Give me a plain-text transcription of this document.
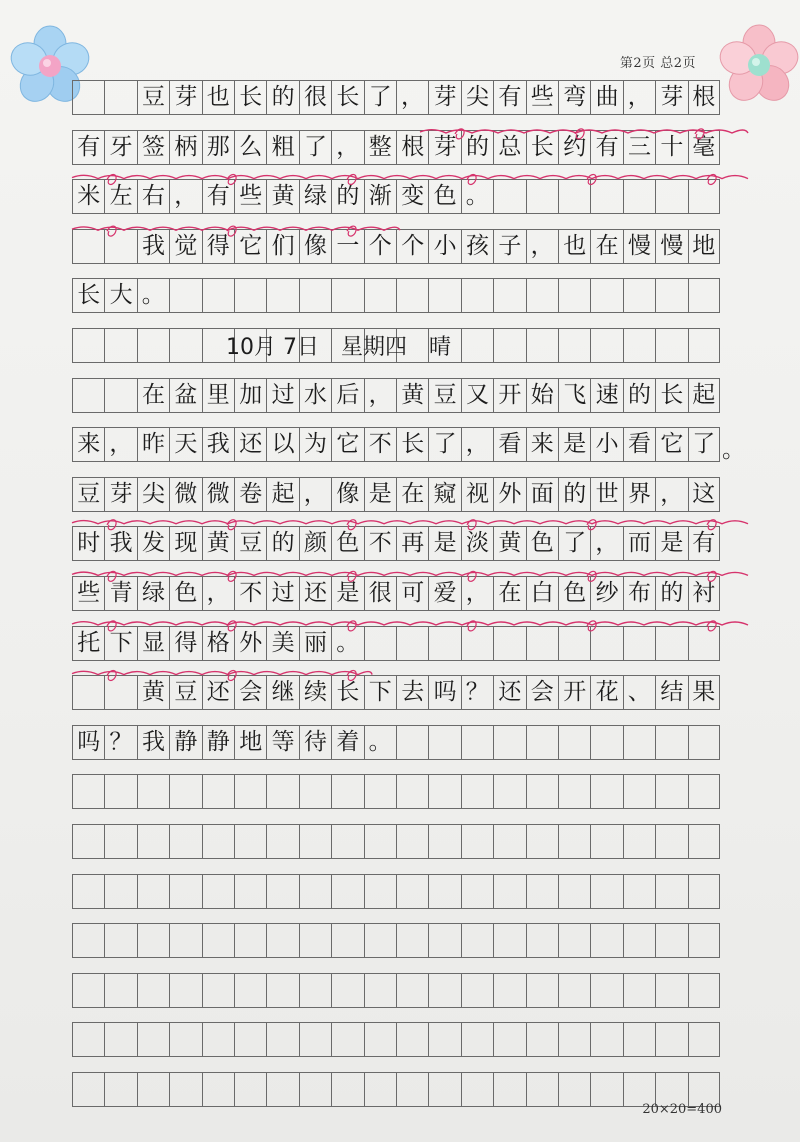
第2页 总2页
豆 芽 也 长 的 很 长 了 ， 芽 尖 有 些 弯 曲 ， 芽 根
有 牙 签 柄 那 么 粗 了 ， 整 根 芽 的 总 长 约 有 三 十 毫
米 左 右 ， 有 些 黄 绿 的 渐 变 色 。
我 觉 得 它 们 像 一 个 个 小 孩 子 ， 也 在 慢 慢 地
长 大 。
10月 7日　星期四　晴
在 盆 里 加 过 水 后 ， 黄 豆 又 开 始 飞 速 的 长 起
来 ， 昨 天 我 还 以 为 它 不 长 了 ， 看 来 是 小 看 它 了 。
豆 芽 尖 微 微 卷 起 ， 像 是 在 窥 视 外 面 的 世 界 ， 这
时 我 发 现 黄 豆 的 颜 色 不 再 是 淡 黄 色 了 ， 而 是 有
些 青 绿 色 ， 不 过 还 是 很 可 爱 ， 在 白 色 纱 布 的 衬
托 下 显 得 格 外 美 丽 。
黄 豆 还 会 继 续 长 下 去 吗 ？ 还 会 开 花 、 结 果
吗 ？ 我 静 静 地 等 待 着 。
20×20=400
